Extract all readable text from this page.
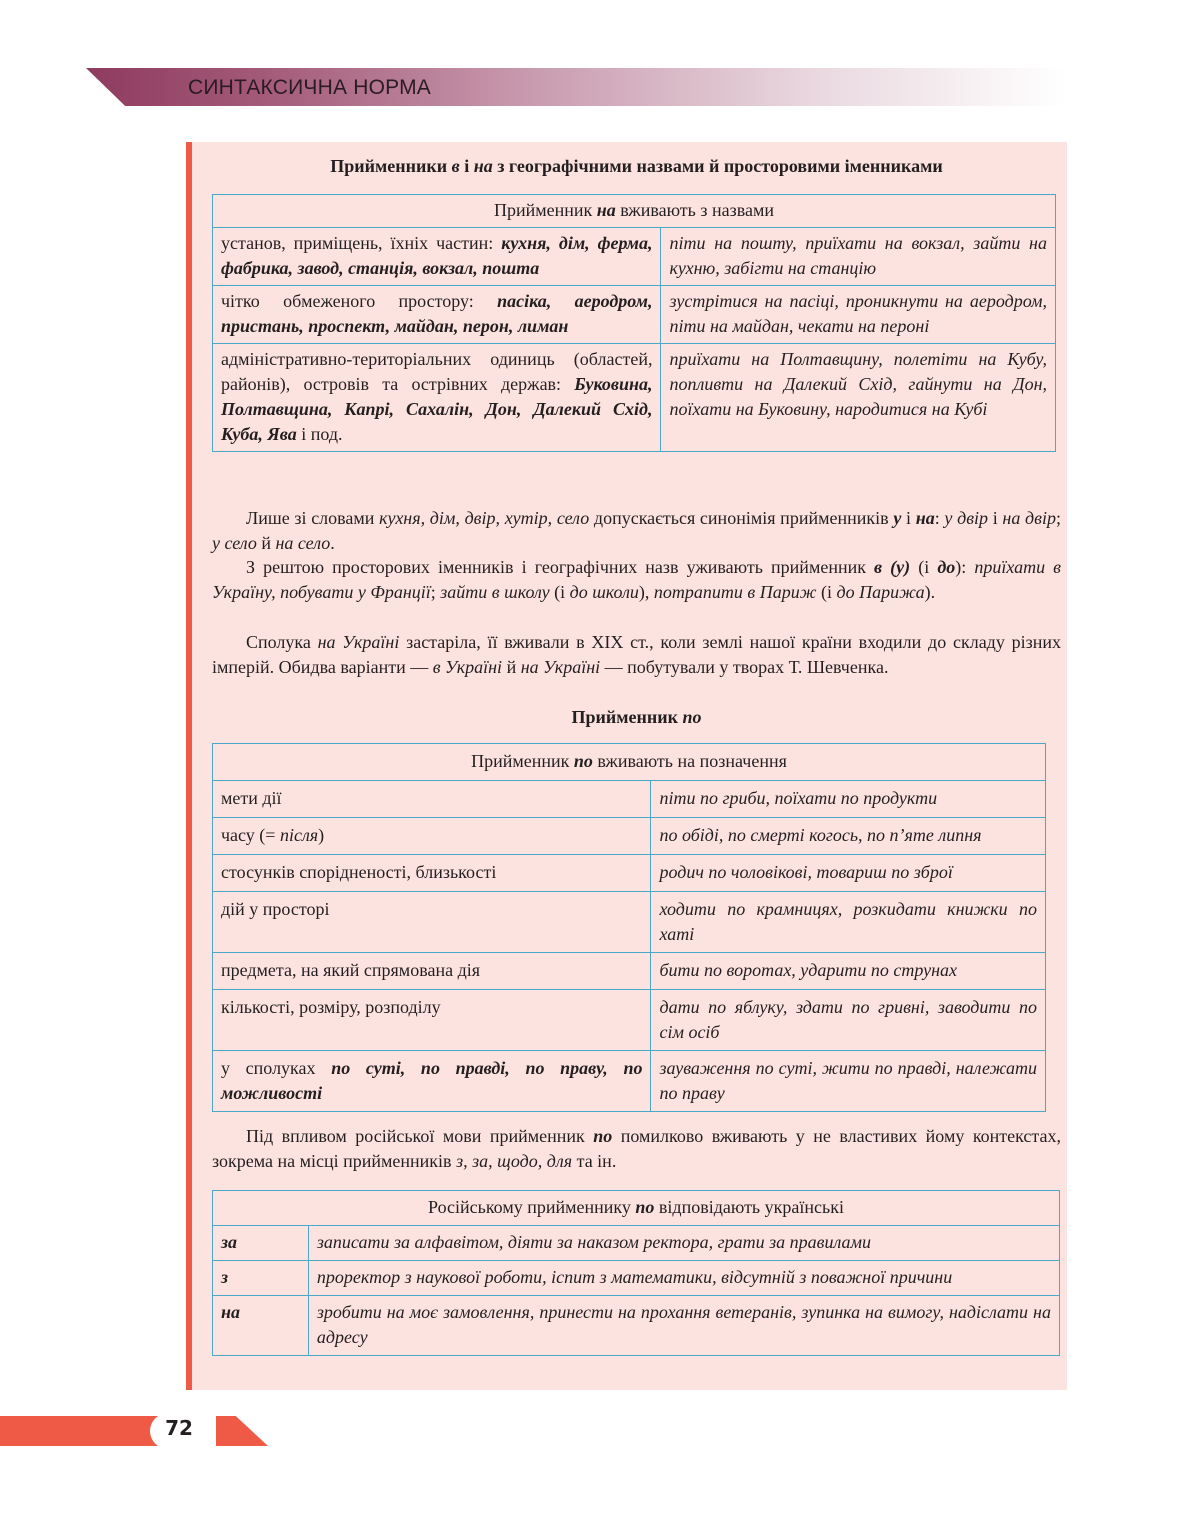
СИНТАКСИЧНА НОРМА
Прийменники в і на з географічними назвами й просторовими іменниками
Прийменник на вживають з назвами	
установ, приміщень, їхніх частин: кухня, дім, ферма, фабрика, завод, станція, вокзал, пошта	піти на пошту, приїхати на вокзал, зайти на кухню, забігти на станцію
чітко обмеженого простору: пасіка, аеродром, пристань, проспект, майдан, перон, лиман	зустрітися на пасіці, проникнути на аеродром, піти на майдан, чекати на пероні
адміністративно-територіальних одиниць (областей, районів), островів та острівних держав: Буковина, Полтавщина, Капрі, Сахалін, Дон, Далекий Схід, Куба, Ява і под.	приїхати на Полтавщину, полетіти на Кубу, попливти на Далекий Схід, гайнути на Дон, поїхати на Буковину, народитися на Кубі
Лише зі словами кухня, дім, двір, хутір, село допускається синонімія прийменників у і на: у двір і на двір; у село й на село.
З рештою просторових іменників і географічних назв уживають прийменник в (у) (і до): приїхати в Україну, побувати у Франції; зайти в школу (і до школи), потрапити в Париж (і до Парижа).
Сполука на Україні застаріла, її вживали в XIX ст., коли землі нашої країни входили до складу різних імперій. Обидва варіанти — в Україні й на Україні — побутували у творах Т. Шевченка.
Прийменник по
Прийменник по вживають на позначення	
мети дії	піти по гриби, поїхати по продукти
часу (= після)	по обіді, по смерті когось, по п’яте липня
стосунків спорідненості, близькості	родич по чоловікові, товариш по зброї
дій у просторі	ходити по крамницях, розкидати книжки по хаті
предмета, на який спрямована дія	бити по воротах, ударити по струнах
кількості, розміру, розподілу	дати по яблуку, здати по гривні, заводити по сім осіб
у сполуках по суті, по правді, по праву, по можливості	зауваження по суті, жити по правді, належати по праву
Під впливом російської мови прийменник по помилково вживають у не властивих йому контекстах, зокрема на місці прийменників з, за, щодо, для та ін.
Російському прийменнику по відповідають українські	
за	записати за алфавітом, діяти за наказом ректора, грати за правилами
з	проректор з наукової роботи, іспит з математики, відсутній з поважної причини
на	зробити на моє замовлення, принести на прохання ветеранів, зупинка на вимогу, надіслати на адресу
72
